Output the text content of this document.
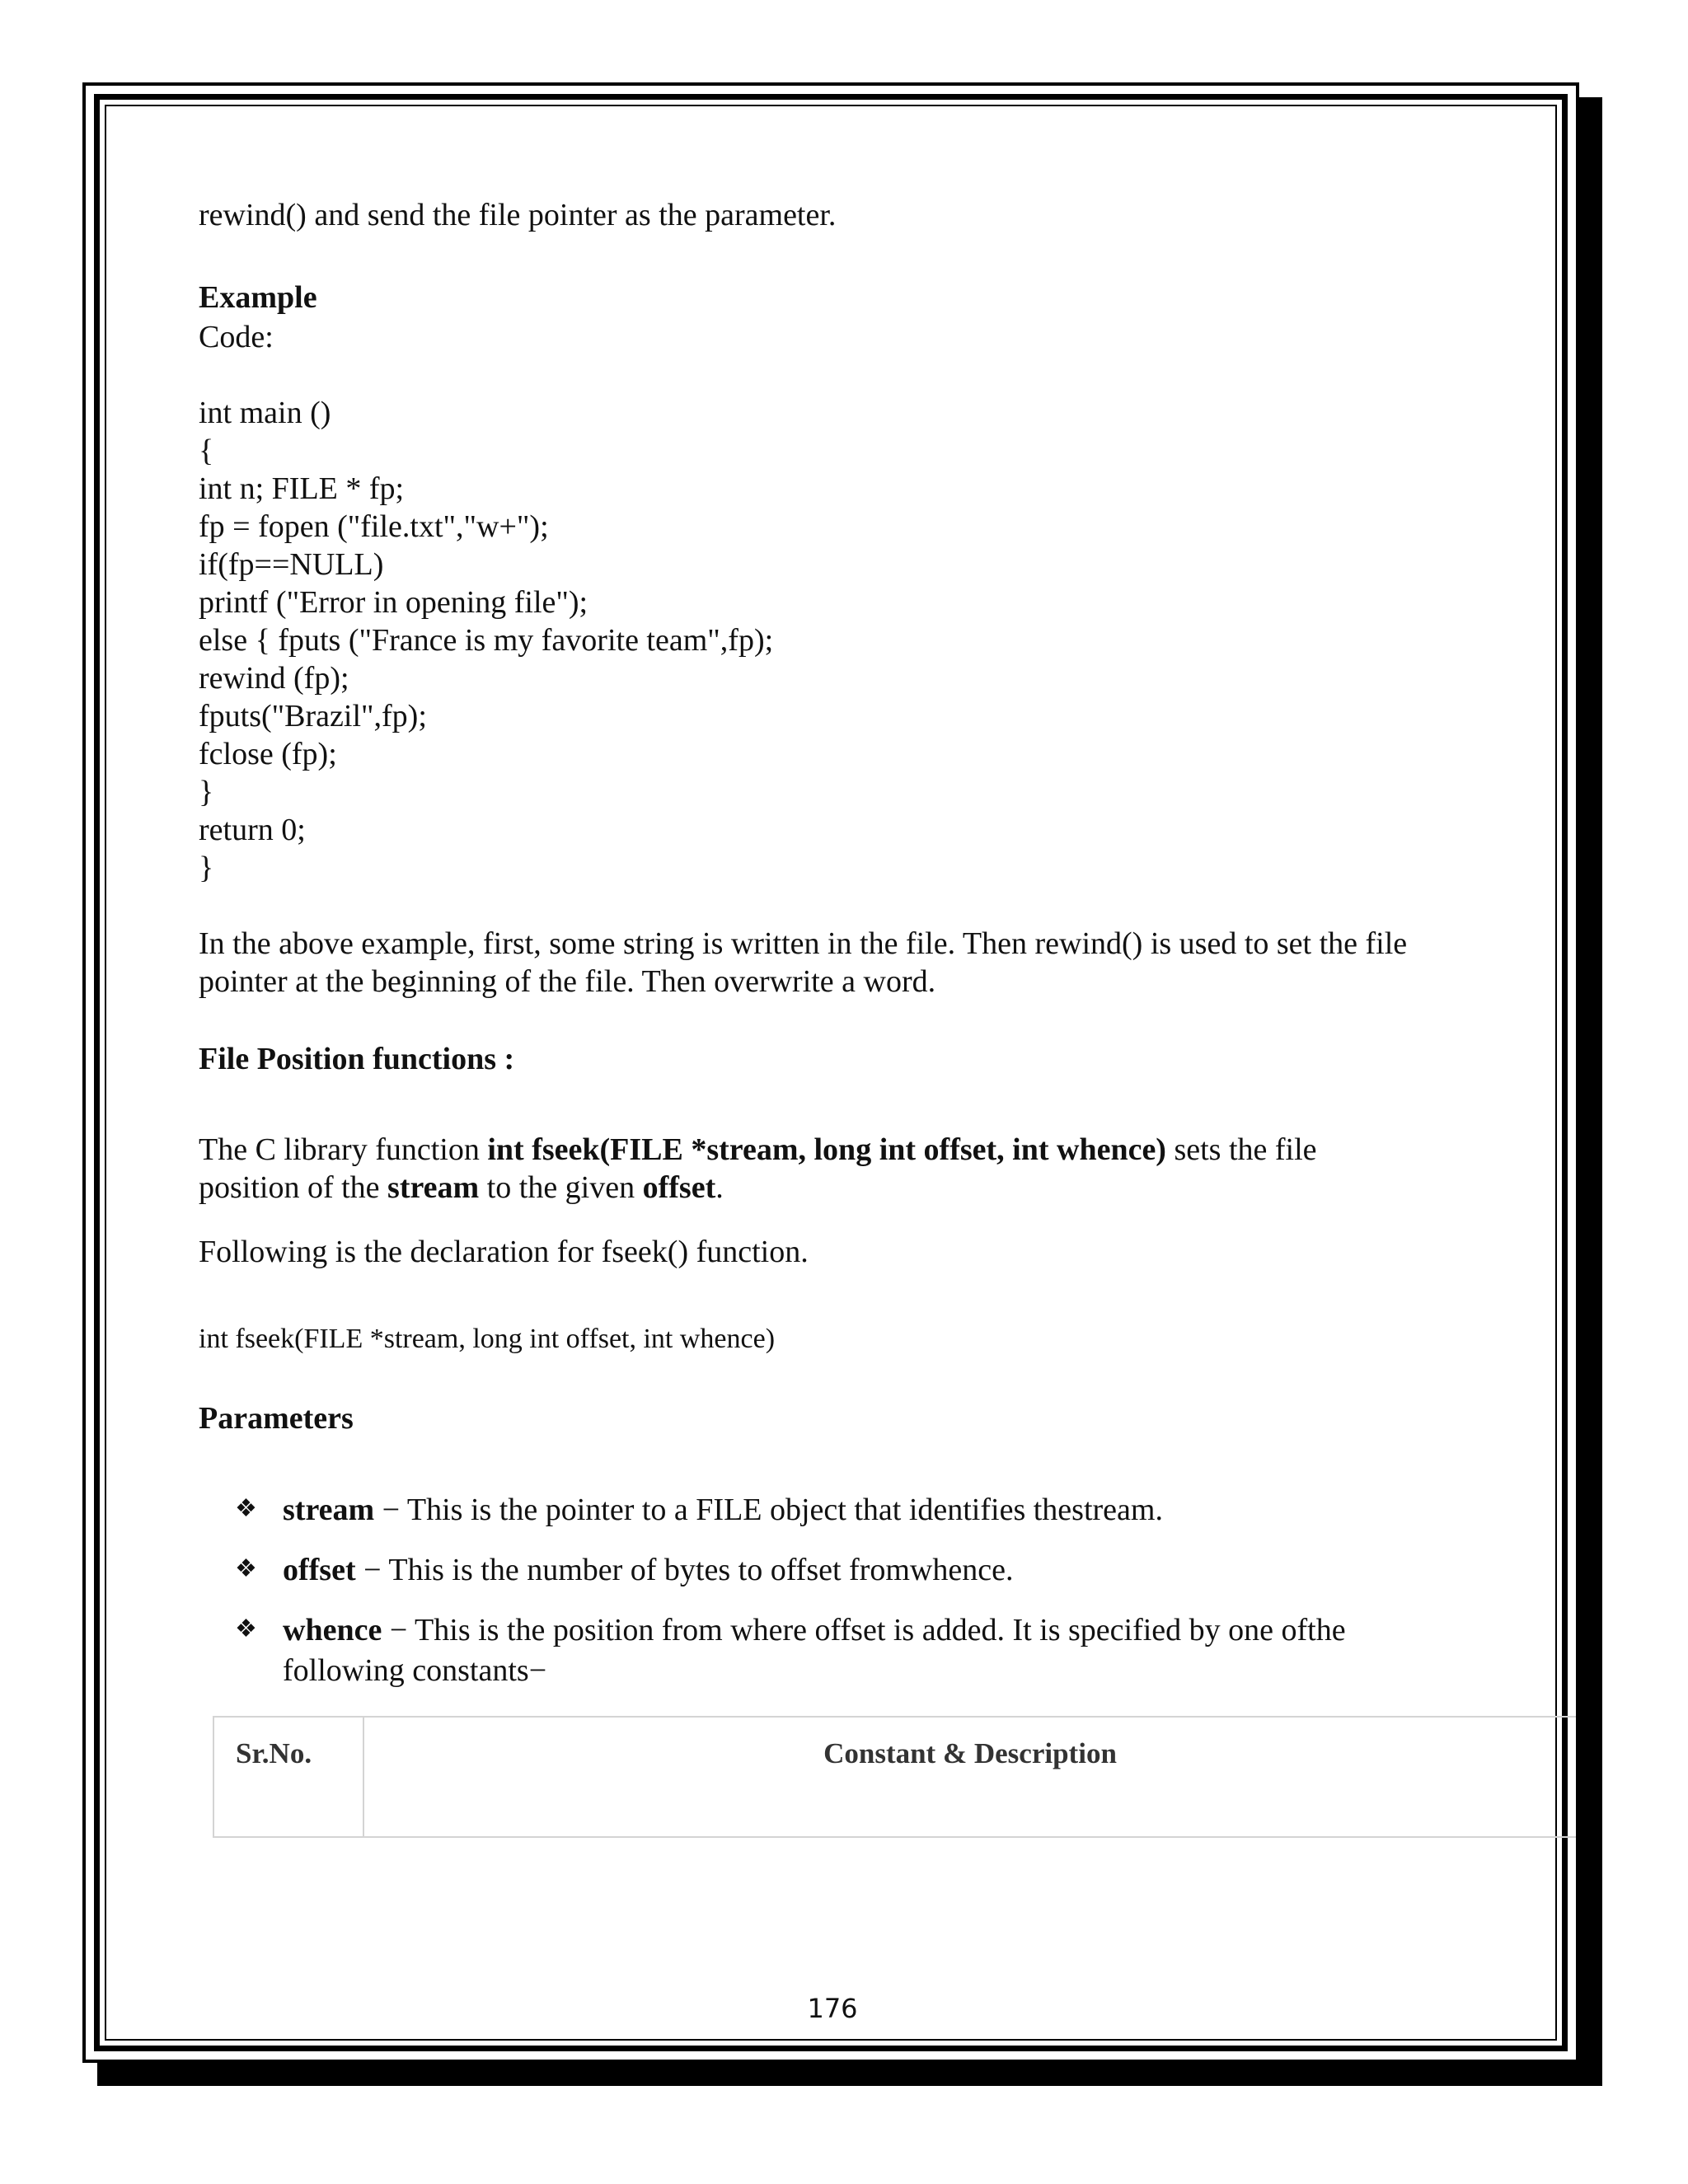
rewind() and send the file pointer as the parameter.
Example
Code:
int main ()
{
int n; FILE * fp;
fp = fopen ("file.txt","w+");
if(fp==NULL)
printf ("Error in opening file");
else { fputs ("France is my favorite team",fp);
rewind (fp);
fputs("Brazil",fp);
fclose (fp);
}
return 0;
}
In the above example, first, some string is written in the file. Then rewind() is used to set the file
pointer at the beginning of the file. Then overwrite a word.
File Position functions :
The C library function int fseek(FILE *stream, long int offset, int whence) sets the file
position of the stream to the given offset.
Following is the declaration for fseek() function.
int fseek(FILE *stream, long int offset, int whence)
Parameters
❖ stream − This is the pointer to a FILE object that identifies thestream.
❖ offset − This is the number of bytes to offset fromwhence.
❖ whence − This is the position from where offset is added. It is specified by one ofthe
following constants−
Sr.No.	Constant & Description
176
